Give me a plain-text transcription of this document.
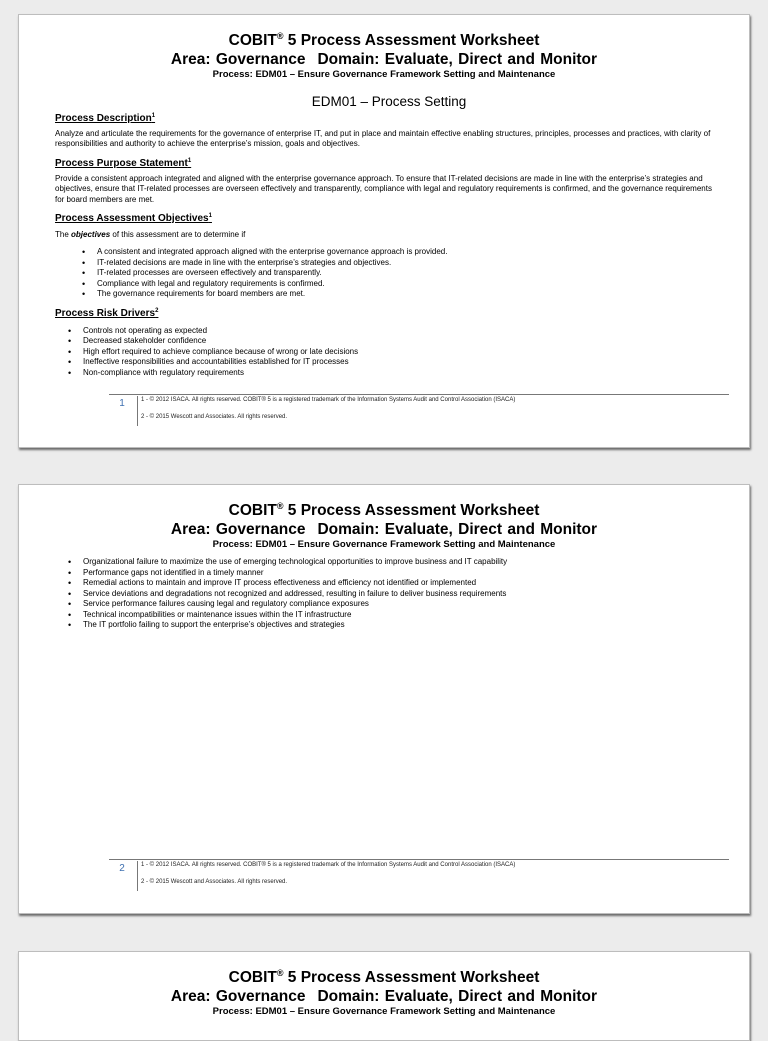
COBIT® 5 Process Assessment Worksheet
Area: Governance Domain: Evaluate, Direct and Monitor
Process: EDM01 – Ensure Governance Framework Setting and Maintenance

EDM01 – Process Setting

Process Description$^1$

Analyze and articulate the requirements for the governance of enterprise IT, and put in place and maintain effective enabling structures, principles, processes and practices, with clarity of responsibilities and authority to achieve the enterprise’s mission, goals and objectives.

Process Purpose Statement$^1$

Provide a consistent approach integrated and aligned with the enterprise governance approach. To ensure that IT-related decisions are made in line with the enterprise’s strategies and objectives, ensure that IT-related processes are overseen effectively and transparently, compliance with legal and regulatory requirements is confirmed, and the governance requirements for board members are met.

Process Assessment Objectives$^1$

The objectives of this assessment are to determine if

• A consistent and integrated approach aligned with the enterprise governance approach is provided.
• IT-related decisions are made in line with the enterprise’s strategies and objectives.
• IT-related processes are overseen effectively and transparently.
• Compliance with legal and regulatory requirements is confirmed.
• The governance requirements for board members are met.

Process Risk Drivers$^2$

• Controls not operating as expected
• Decreased stakeholder confidence
• High effort required to achieve compliance because of wrong or late decisions
• Ineffective responsibilities and accountabilities established for IT processes
• Non-compliance with regulatory requirements
1	1 - © 2012 ISACA. All rights reserved. COBIT® 5 is a registered trademark of the Information Systems Audit and Control Association (ISACA)
2 - © 2015 Wescott and Associates. All rights reserved.
COBIT® 5 Process Assessment Worksheet
Area: Governance Domain: Evaluate, Direct and Monitor
Process: EDM01 – Ensure Governance Framework Setting and Maintenance
• Organizational failure to maximize the use of emerging technological opportunities to improve business and IT capability
• Performance gaps not identified in a timely manner
• Remedial actions to maintain and improve IT process effectiveness and efficiency not identified or implemented
• Service deviations and degradations not recognized and addressed, resulting in failure to deliver business requirements
• Service performance failures causing legal and regulatory compliance exposures
• Technical incompatibilities or maintenance issues within the IT infrastructure
• The IT portfolio failing to support the enterprise’s objectives and strategies
2	1 - © 2012 ISACA. All rights reserved. COBIT® 5 is a registered trademark of the Information Systems Audit and Control Association (ISACA)
2 - © 2015 Wescott and Associates. All rights reserved.
COBIT® 5 Process Assessment Worksheet
Area: Governance Domain: Evaluate, Direct and Monitor
Process: EDM01 – Ensure Governance Framework Setting and Maintenance
